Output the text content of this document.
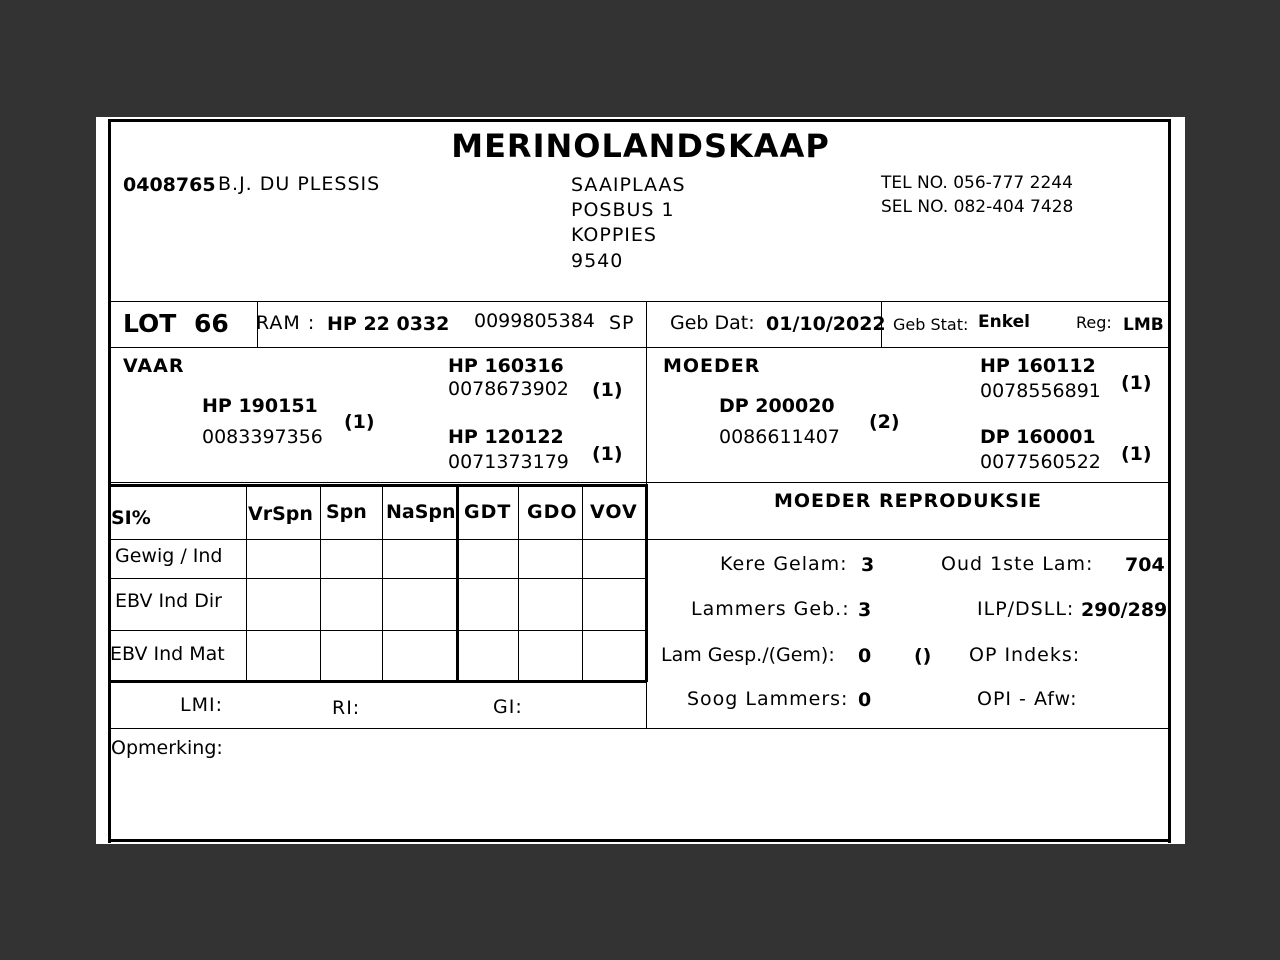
MERINOLANDSKAAP
0408765 B.J. DU PLESSIS	SAAIPLAAS
POSBUS 1
KOPPIES
9540
TEL NO. 056-777 2244
SEL NO. 082-404 7428
LOT 66 RAM : HP 22 0332 0099805384 SP Geb Dat: 01/10/2022 Geb Stat: Enkel	Reg: LMB
VAAR
HP 190151
0083397356
(1)
HP 160316
0078673902 (1)
HP 120122
0071373179 (1)
MOEDER
DP 200020
0086611407
(2)
HP 160112
0078556891 (1)
DP 160001
0077560522 (1)
SI%	VrSpn Spn NaSpn GDT GDO VOV
Gewig / Ind
EBV Ind Dir
EBV Ind Mat
LMI:	RI:	GI:
MOEDER REPRODUKSIE
Kere Gelam: 3	Oud 1ste Lam: 704
Lammers Geb.: 3	ILP/DSLL: 290/289
Lam Gesp./(Gem): 0 () OP Indeks:
Soog Lammers: 0	OPI - Afw:
Opmerking:
